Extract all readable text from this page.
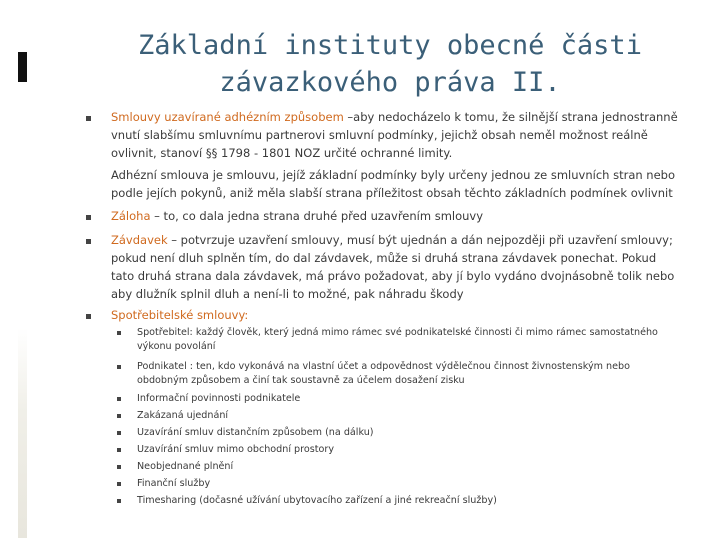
Základní instituty obecné části
závazkového práva II.
Smlouvy uzavírané adhézním způsobem –aby nedocházelo k tomu, že silnější strana jednostranně vnutí slabšímu smluvnímu partnerovi smluvní podmínky, jejichž obsah neměl možnost reálně ovlivnit, stanoví §§ 1798 - 1801 NOZ určité ochranné limity.
Adhézní smlouva je smlouvu, jejíž základní podmínky byly určeny jednou ze smluvních stran nebo podle jejích pokynů, aniž měla slabší strana příležitost obsah těchto základních podmínek ovlivnit
Záloha – to, co dala jedna strana druhé před uzavřením smlouvy
Závdavek – potvrzuje uzavření smlouvy, musí být ujednán a dán nejpozději při uzavření smlouvy; pokud není dluh splněn tím, do dal závdavek, může si druhá strana závdavek ponechat. Pokud tato druhá strana dala závdavek, má právo požadovat, aby jí bylo vydáno dvojnásobně tolik nebo aby dlužník splnil dluh a není-li to možné, pak náhradu škody
Spotřebitelské smlouvy:
Spotřebitel: každý člověk, který jedná mimo rámec své podnikatelské činnosti či mimo rámec samostatného výkonu povolání
Podnikatel : ten, kdo vykonává na vlastní účet a odpovědnost výdělečnou činnost živnostenským nebo obdobným způsobem a činí tak soustavně za účelem dosažení zisku
Informační povinnosti podnikatele
Zakázaná ujednání
Uzavírání smluv distančním způsobem (na dálku)
Uzavírání smluv mimo obchodní prostory
Neobjednané plnění
Finanční služby
Timesharing (dočasné užívání ubytovacího zařízení a jiné rekreační služby)
